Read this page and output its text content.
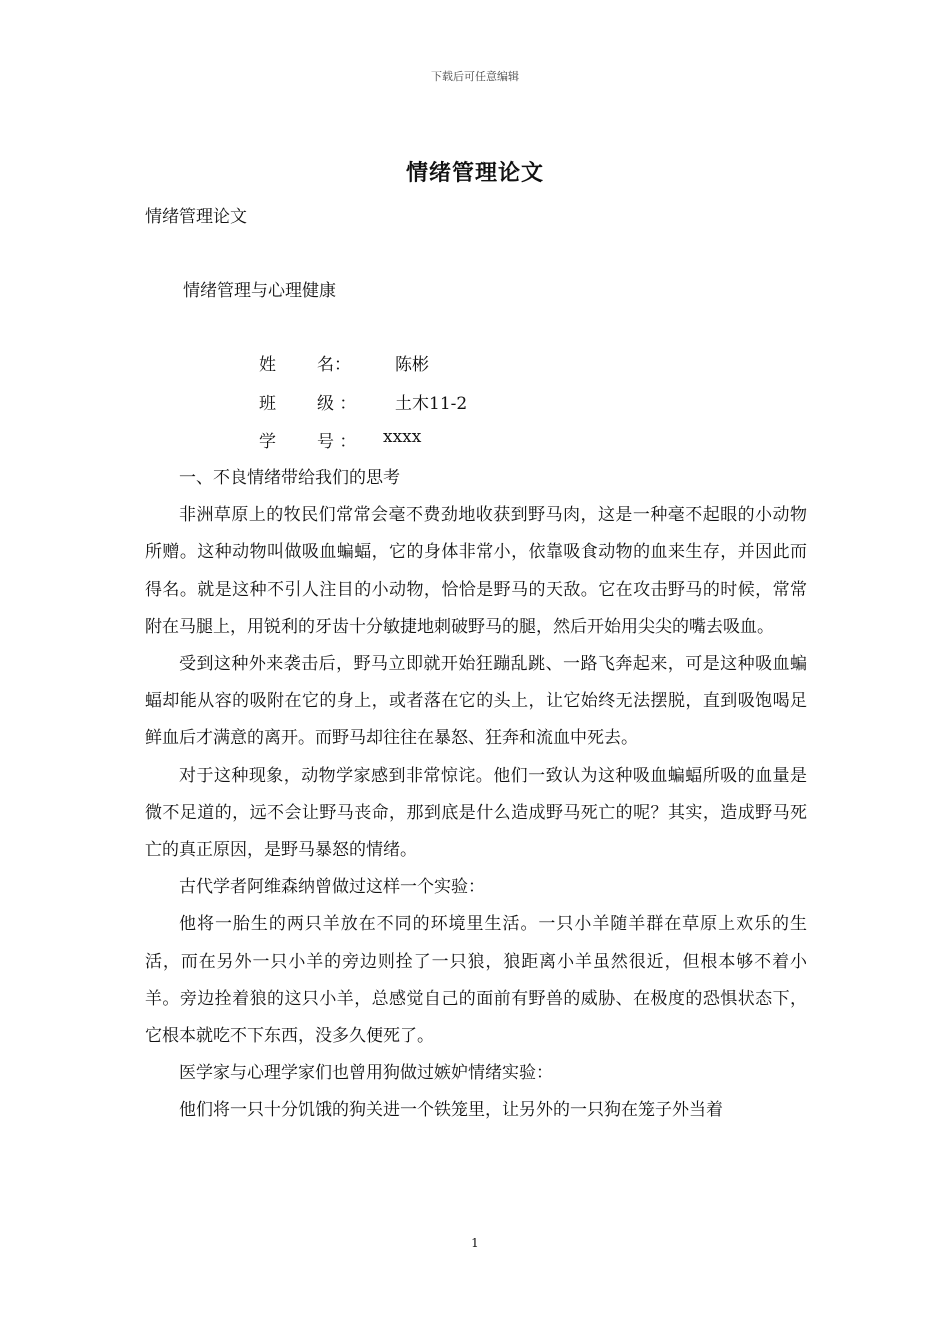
下载后可任意编辑
情绪管理论文
情绪管理论文
情绪管理与心理健康
姓	名：	陈彬
班	级 ：	土木11-2
学	号 ：	xxxx

一、不良情绪带给我们的思考

非洲草原上的牧民们常常会毫不费劲地收获到野马肉，这是一种毫不起眼的小动物所赠。这种动物叫做吸血蝙蝠，它的身体非常小，依靠吸食动物的血来生存，并因此而得名。就是这种不引人注目的小动物，恰恰是野马的天敌。它在攻击野马的时候，常常附在马腿上，用锐利的牙齿十分敏捷地刺破野马的腿，然后开始用尖尖的嘴去吸血。

受到这种外来袭击后，野马立即就开始狂蹦乱跳、一路飞奔起来，可是这种吸血蝙蝠却能从容的吸附在它的身上，或者落在它的头上，让它始终无法摆脱，直到吸饱喝足鲜血后才满意的离开。而野马却往往在暴怒、狂奔和流血中死去。

对于这种现象，动物学家感到非常惊诧。他们一致认为这种吸血蝙蝠所吸的血量是微不足道的，远不会让野马丧命，那到底是什么造成野马死亡的呢？其实，造成野马死亡的真正原因，是野马暴怒的情绪。

古代学者阿维森纳曾做过这样一个实验：

他将一胎生的两只羊放在不同的环境里生活。一只小羊随羊群在草原上欢乐的生活，而在另外一只小羊的旁边则拴了一只狼，狼距离小羊虽然很近，但根本够不着小羊。旁边拴着狼的这只小羊，总感觉自己的面前有野兽的威胁、在极度的恐惧状态下，它根本就吃不下东西，没多久便死了。

医学家与心理学家们也曾用狗做过嫉妒情绪实验：

他们将一只十分饥饿的狗关进一个铁笼里，让另外的一只狗在笼子外当着

1
